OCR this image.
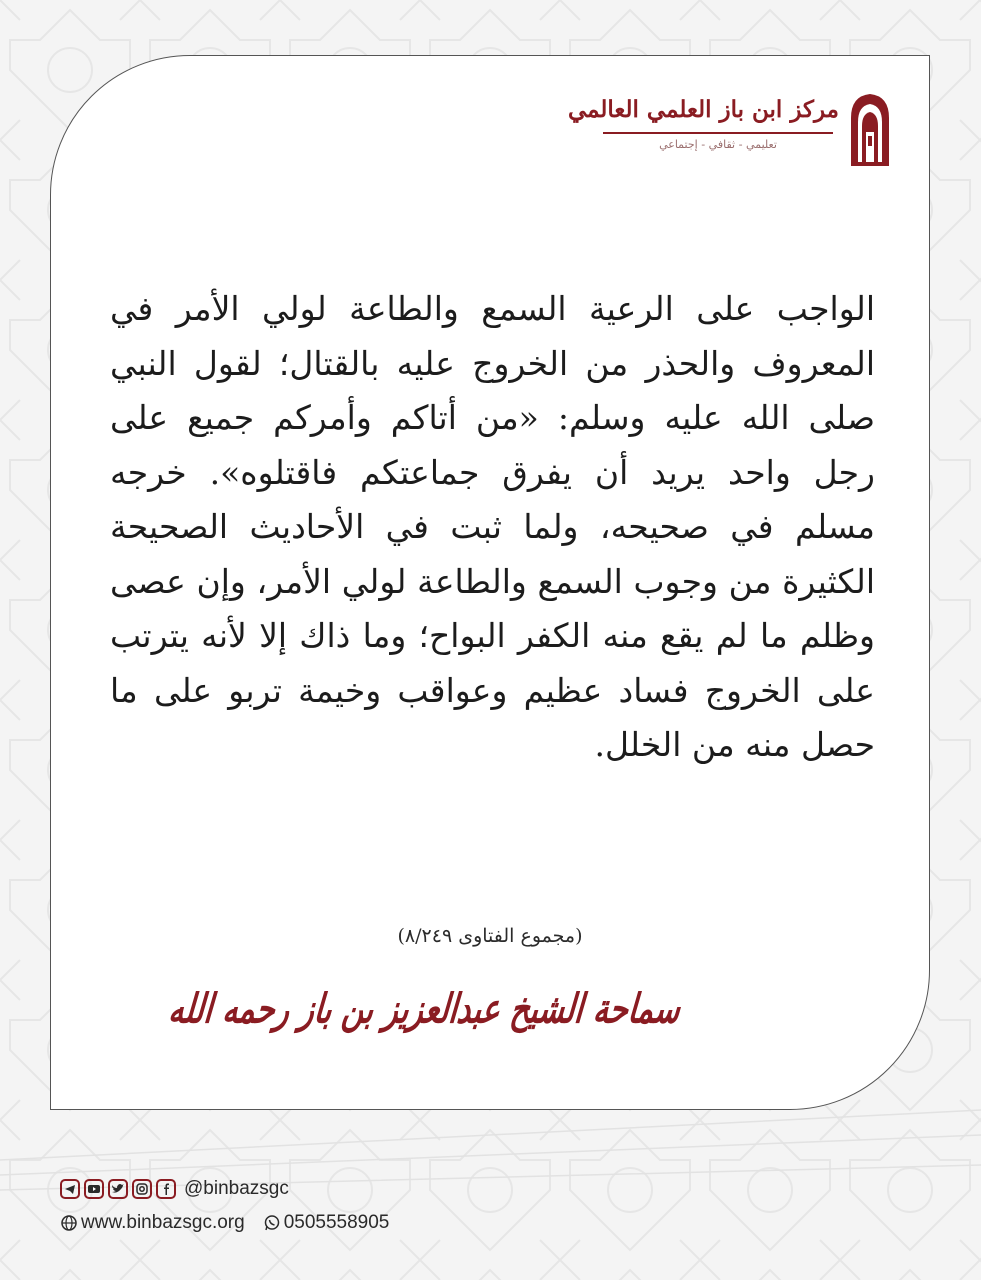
مركز ابن باز العلمي العالمي
تعليمي - ثقافي - إجتماعي
الواجب على الرعية السمع والطاعة لولي الأمر في المعروف والحذر من الخروج عليه بالقتال؛ لقول النبي صلى الله عليه وسلم: «من أتاكم وأمركم جميع على رجل واحد يريد أن يفرق جماعتكم فاقتلوه». خرجه مسلم في صحيحه، ولما ثبت في الأحاديث الصحيحة الكثيرة من وجوب السمع والطاعة لولي الأمر، وإن عصى وظلم ما لم يقع منه الكفر البواح؛ وما ذاك إلا لأنه يترتب على الخروج فساد عظيم وعواقب وخيمة تربو على ما حصل منه من الخلل.
(مجموع الفتاوى ٨/٢٤٩)
سماحة الشيخ عبدالعزيز بن باز رحمه الله
@binbazsgc
www.binbazsgc.org 0505558905
